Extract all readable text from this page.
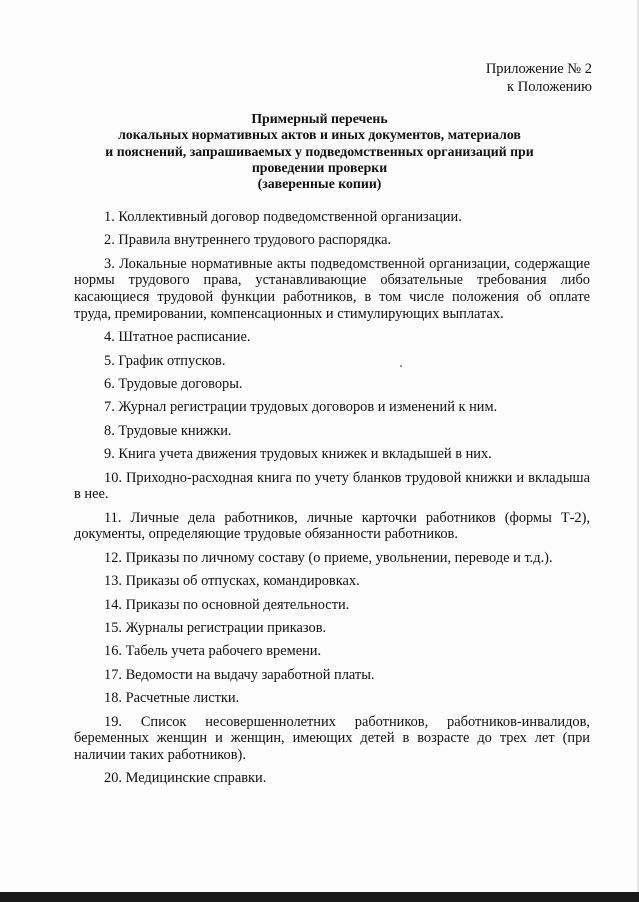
Приложение № 2
к Положению
Примерный перечень
локальных нормативных актов и иных документов, материалов
и пояснений, запрашиваемых у подведомственных организаций при
проведении проверки
(заверенные копии)

1. Коллективный договор подведомственной организации.

2. Правила внутреннего трудового распорядка.

3. Локальные нормативные акты подведомственной организации, содержащие нормы трудового права, устанавливающие обязательные требования либо касающиеся трудовой функции работников, в том числе положения об оплате труда, премировании, компенсационных и стимулирующих выплатах.

4. Штатное расписание.

5. График отпусков.

6. Трудовые договоры.

7. Журнал регистрации трудовых договоров и изменений к ним.

8. Трудовые книжки.

9. Книга учета движения трудовых книжек и вкладышей в них.

10. Приходно-расходная книга по учету бланков трудовой книжки и вкладыша в нее.

11. Личные дела работников, личные карточки работников (формы Т-2), документы, определяющие трудовые обязанности работников.

12. Приказы по личному составу (о приеме, увольнении, переводе и т.д.).

13. Приказы об отпусках, командировках.

14. Приказы по основной деятельности.

15. Журналы регистрации приказов.

16. Табель учета рабочего времени.

17. Ведомости на выдачу заработной платы.

18. Расчетные листки.

19. Список несовершеннолетних работников, работников-инвалидов, беременных женщин и женщин, имеющих детей в возрасте до трех лет (при наличии таких работников).

20. Медицинские справки.
